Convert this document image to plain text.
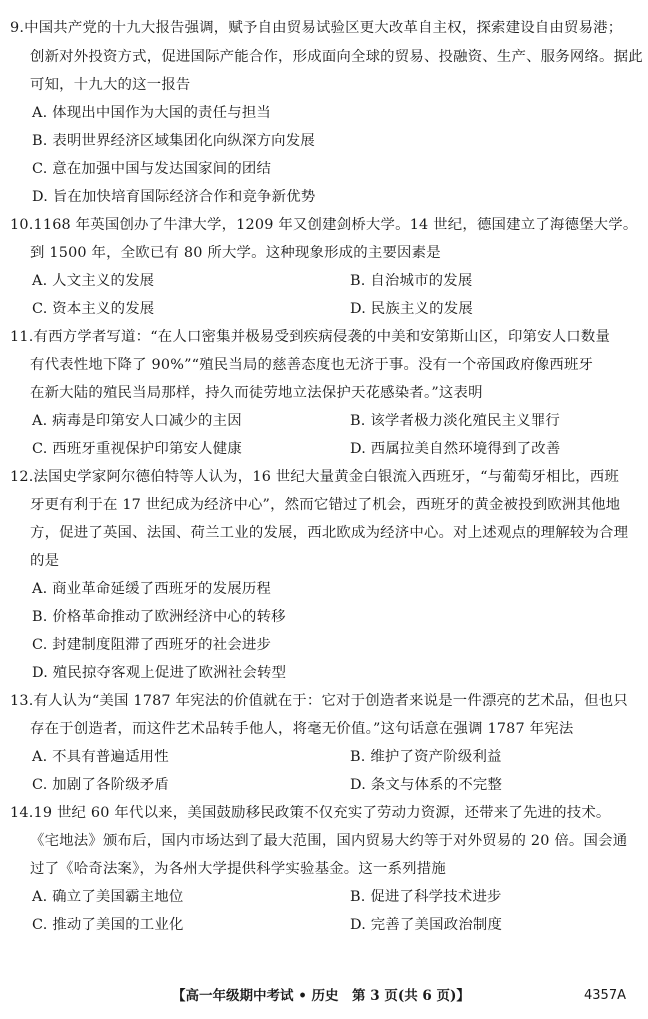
9.中国共产党的十九大报告强调，赋予自由贸易试验区更大改革自主权，探索建设自由贸易港；
创新对外投资方式，促进国际产能合作，形成面向全球的贸易、投融资、生产、服务网络。据此
可知，十九大的这一报告
A. 体现出中国作为大国的责任与担当
B. 表明世界经济区域集团化向纵深方向发展
C. 意在加强中国与发达国家间的团结
D. 旨在加快培育国际经济合作和竞争新优势
10.1168 年英国创办了牛津大学，1209 年又创建剑桥大学。14 世纪，德国建立了海德堡大学。
到 1500 年，全欧已有 80 所大学。这种现象形成的主要因素是
A. 人文主义的发展	B. 自治城市的发展
C. 资本主义的发展	D. 民族主义的发展
11.有西方学者写道：“在人口密集并极易受到疾病侵袭的中美和安第斯山区，印第安人口数量
有代表性地下降了 90%”“殖民当局的慈善态度也无济于事。没有一个帝国政府像西班牙
在新大陆的殖民当局那样，持久而徒劳地立法保护天花感染者。”这表明
A. 病毒是印第安人口减少的主因	B. 该学者极力淡化殖民主义罪行
C. 西班牙重视保护印第安人健康	D. 西属拉美自然环境得到了改善
12.法国史学家阿尔德伯特等人认为，16 世纪大量黄金白银流入西班牙，“与葡萄牙相比，西班
牙更有利于在 17 世纪成为经济中心”，然而它错过了机会，西班牙的黄金被投到欧洲其他地
方，促进了英国、法国、荷兰工业的发展，西北欧成为经济中心。对上述观点的理解较为合理
的是
A. 商业革命延缓了西班牙的发展历程
B. 价格革命推动了欧洲经济中心的转移
C. 封建制度阻滞了西班牙的社会进步
D. 殖民掠夺客观上促进了欧洲社会转型
13.有人认为“美国 1787 年宪法的价值就在于：它对于创造者来说是一件漂亮的艺术品，但也只
存在于创造者，而这件艺术品转手他人，将毫无价值。”这句话意在强调 1787 年宪法
A. 不具有普遍适用性	B. 维护了资产阶级利益
C. 加剧了各阶级矛盾	D. 条文与体系的不完整
14.19 世纪 60 年代以来，美国鼓励移民政策不仅充实了劳动力资源，还带来了先进的技术。
《宅地法》颁布后，国内市场达到了最大范围，国内贸易大约等于对外贸易的 20 倍。国会通
过了《哈奇法案》，为各州大学提供科学实验基金。这一系列措施
A. 确立了美国霸主地位	B. 促进了科学技术进步
C. 推动了美国的工业化	D. 完善了美国政治制度
【高一年级期中考试 • 历史　第 3 页(共 6 页)】	4357A
